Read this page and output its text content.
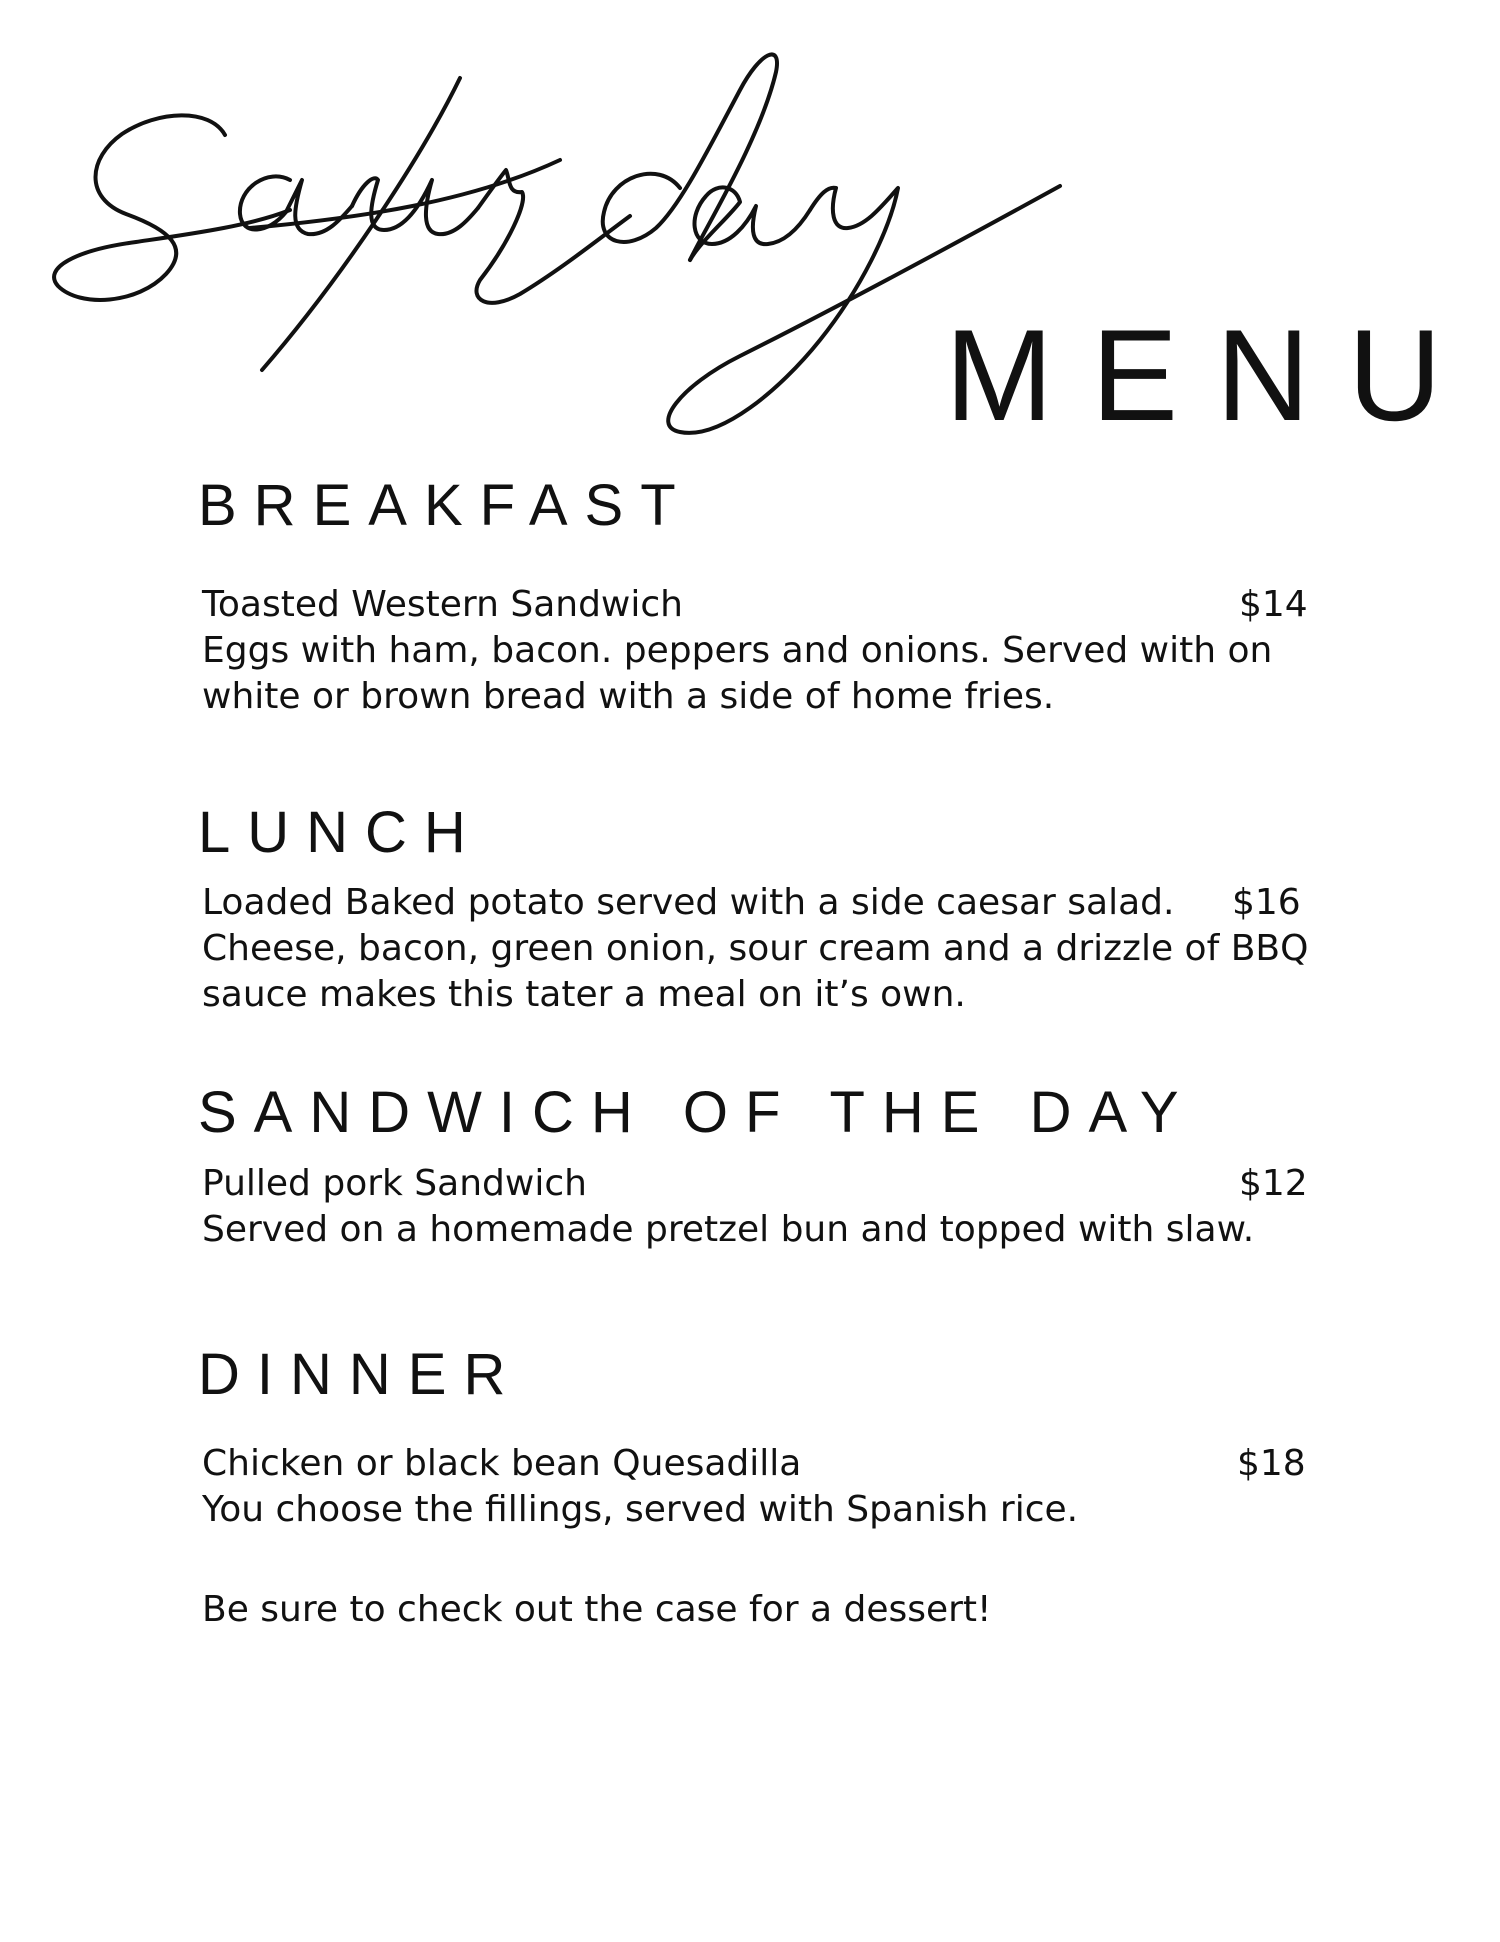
MENU
BREAKFAST
Toasted Western Sandwich	$14
Eggs with ham, bacon. peppers and onions. Served with on
white or brown bread with a side of home fries.
LUNCH
Loaded Baked potato served with a side caesar salad.	$16
Cheese, bacon, green onion, sour cream and a drizzle of BBQ
sauce makes this tater a meal on it’s own.
SANDWICH OF THE DAY
Pulled pork Sandwich	$12
Served on a homemade pretzel bun and topped with slaw.
DINNER
Chicken or black bean Quesadilla	$18
You choose the fillings, served with Spanish rice.
Be sure to check out the case for a dessert!
